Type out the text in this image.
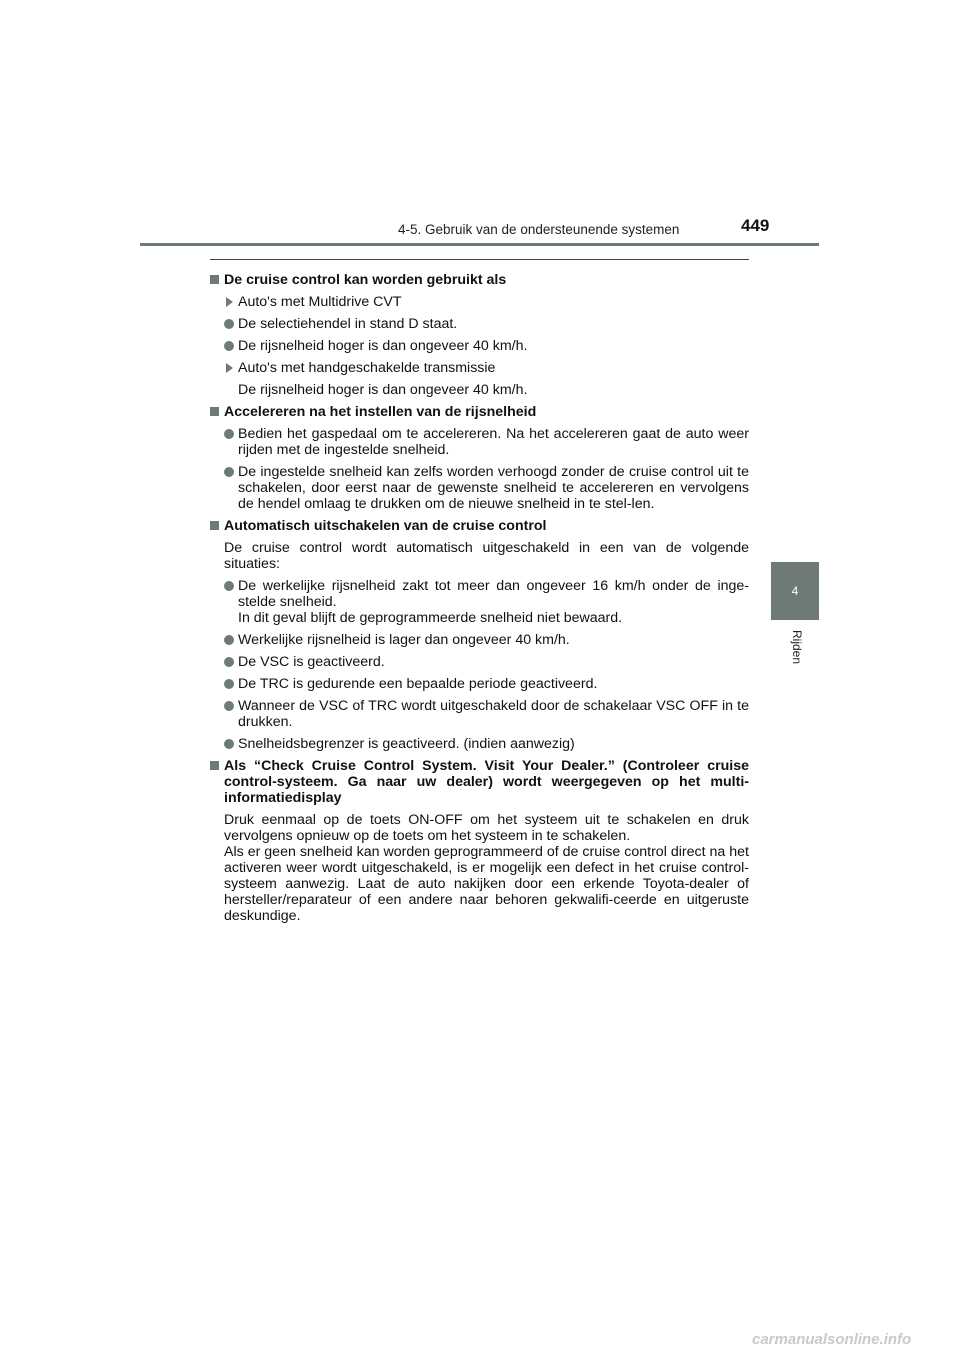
4-5. Gebruik van de ondersteunende systemen	449
4
Rijden
De cruise control kan worden gebruikt als
Auto's met Multidrive CVT

De selectiehendel in stand D staat.

De rijsnelheid hoger is dan ongeveer 40 km/h.

Auto's met handgeschakelde transmissie

De rijsnelheid hoger is dan ongeveer 40 km/h.

Accelereren na het instellen van de rijsnelheid

Bedien het gaspedaal om te accelereren. Na het accelereren gaat de auto weer rijden met de ingestelde snelheid.

De ingestelde snelheid kan zelfs worden verhoogd zonder de cruise control uit te schakelen, door eerst naar de gewenste snelheid te accelereren en vervolgens de hendel omlaag te drukken om de nieuwe snelheid in te stel-len.

Automatisch uitschakelen van de cruise control

De cruise control wordt automatisch uitgeschakeld in een van de volgende situaties:

De werkelijke rijsnelheid zakt tot meer dan ongeveer 16 km/h onder de inge-stelde snelheid.

In dit geval blijft de geprogrammeerde snelheid niet bewaard.

Werkelijke rijsnelheid is lager dan ongeveer 40 km/h.

De VSC is geactiveerd.

De TRC is gedurende een bepaalde periode geactiveerd.

Wanneer de VSC of TRC wordt uitgeschakeld door de schakelaar VSC OFF in te drukken.

Snelheidsbegrenzer is geactiveerd. (indien aanwezig)

Als “Check Cruise Control System. Visit Your Dealer.” (Controleer cruise control-systeem. Ga naar uw dealer) wordt weergegeven op het multi-informatiedisplay

Druk eenmaal op de toets ON-OFF om het systeem uit te schakelen en druk vervolgens opnieuw op de toets om het systeem in te schakelen.

Als er geen snelheid kan worden geprogrammeerd of de cruise control direct na het activeren weer wordt uitgeschakeld, is er mogelijk een defect in het cruise control-systeem aanwezig. Laat de auto nakijken door een erkende Toyota-dealer of hersteller/reparateur of een andere naar behoren gekwalifi-ceerde en uitgeruste deskundige.

carmanualsonline.info
